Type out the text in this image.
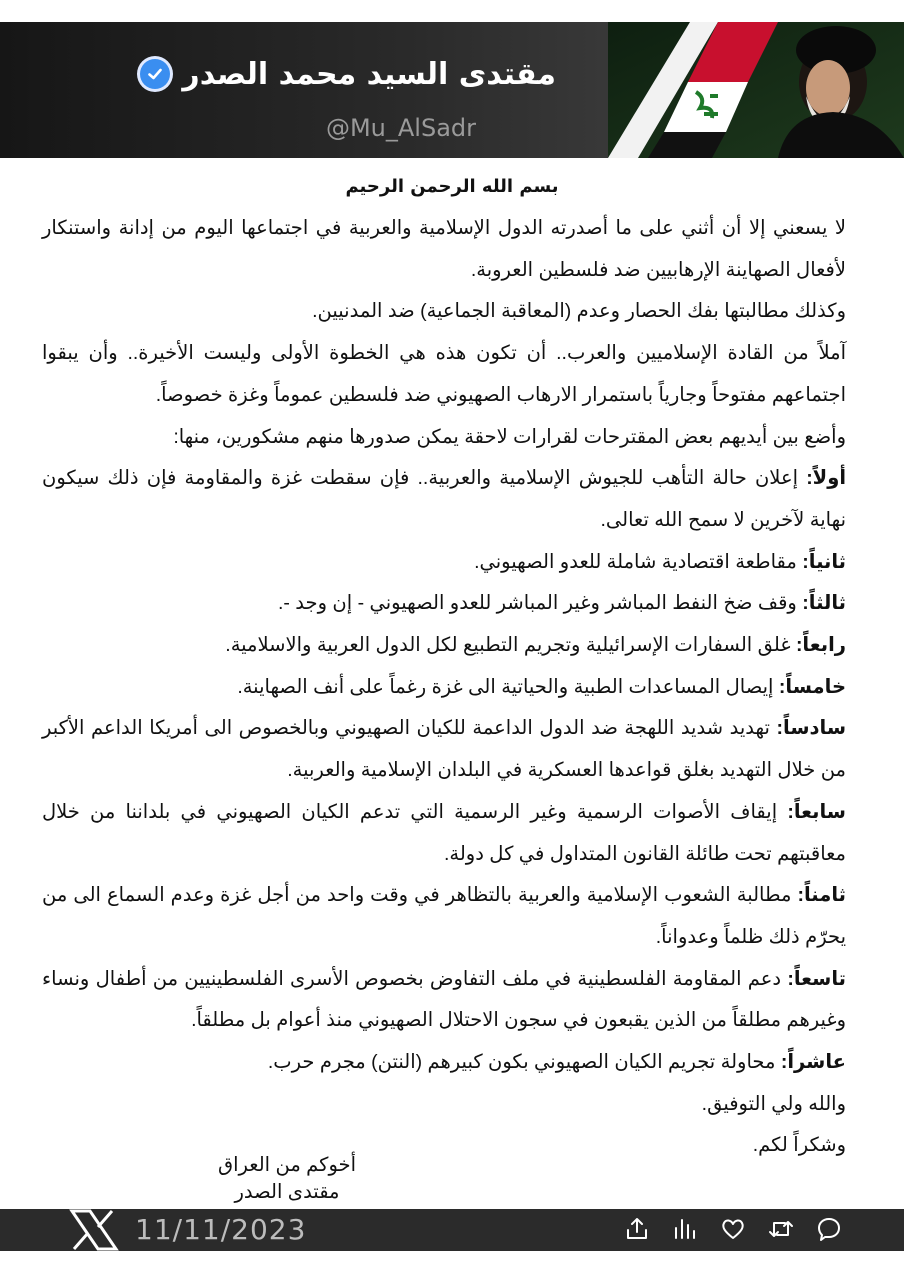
مقتدى السيد محمد الصدر
@Mu_AlSadr
بسم الله الرحمن الرحيم

لا يسعني إلا أن أثني على ما أصدرته الدول الإسلامية والعربية في اجتماعها اليوم من إدانة واستنكار لأفعال الصهاينة الإرهابيين ضد فلسطين العروبة.

وكذلك مطالبتها بفك الحصار وعدم (المعاقبة الجماعية) ضد المدنيين.

آملاً من القادة الإسلاميين والعرب.. أن تكون هذه هي الخطوة الأولى وليست الأخيرة.. وأن يبقوا اجتماعهم مفتوحاً وجارياً باستمرار الارهاب الصهيوني ضد فلسطين عموماً وغزة خصوصاً.

وأضع بين أيديهم بعض المقترحات لقرارات لاحقة يمكن صدورها منهم مشكورين، منها:

أولاً: إعلان حالة التأهب للجيوش الإسلامية والعربية.. فإن سقطت غزة والمقاومة فإن ذلك سيكون نهاية لآخرين لا سمح الله تعالى.

ثانياً: مقاطعة اقتصادية شاملة للعدو الصهيوني.

ثالثاً: وقف ضخ النفط المباشر وغير المباشر للعدو الصهيوني - إن وجد -.

رابعاً: غلق السفارات الإسرائيلية وتجريم التطبيع لكل الدول العربية والاسلامية.

خامساً: إيصال المساعدات الطبية والحياتية الى غزة رغماً على أنف الصهاينة.

سادساً: تهديد شديد اللهجة ضد الدول الداعمة للكيان الصهيوني وبالخصوص الى أمريكا الداعم الأكبر من خلال التهديد بغلق قواعدها العسكرية في البلدان الإسلامية والعربية.

سابعاً: إيقاف الأصوات الرسمية وغير الرسمية التي تدعم الكيان الصهيوني في بلداننا من خلال معاقبتهم تحت طائلة القانون المتداول في كل دولة.

ثامناً: مطالبة الشعوب الإسلامية والعربية بالتظاهر في وقت واحد من أجل غزة وعدم السماع الى من يحرّم ذلك ظلماً وعدواناً.

تاسعاً: دعم المقاومة الفلسطينية في ملف التفاوض بخصوص الأسرى الفلسطينيين من أطفال ونساء وغيرهم مطلقاً من الذين يقبعون في سجون الاحتلال الصهيوني منذ أعوام بل مطلقاً.

عاشراً: محاولة تجريم الكيان الصهيوني بكون كبيرهم (النتن) مجرم حرب.

والله ولي التوفيق.

وشكراً لكم.

أخوكم من العراق
مقتدى الصدر
11/11/2023
